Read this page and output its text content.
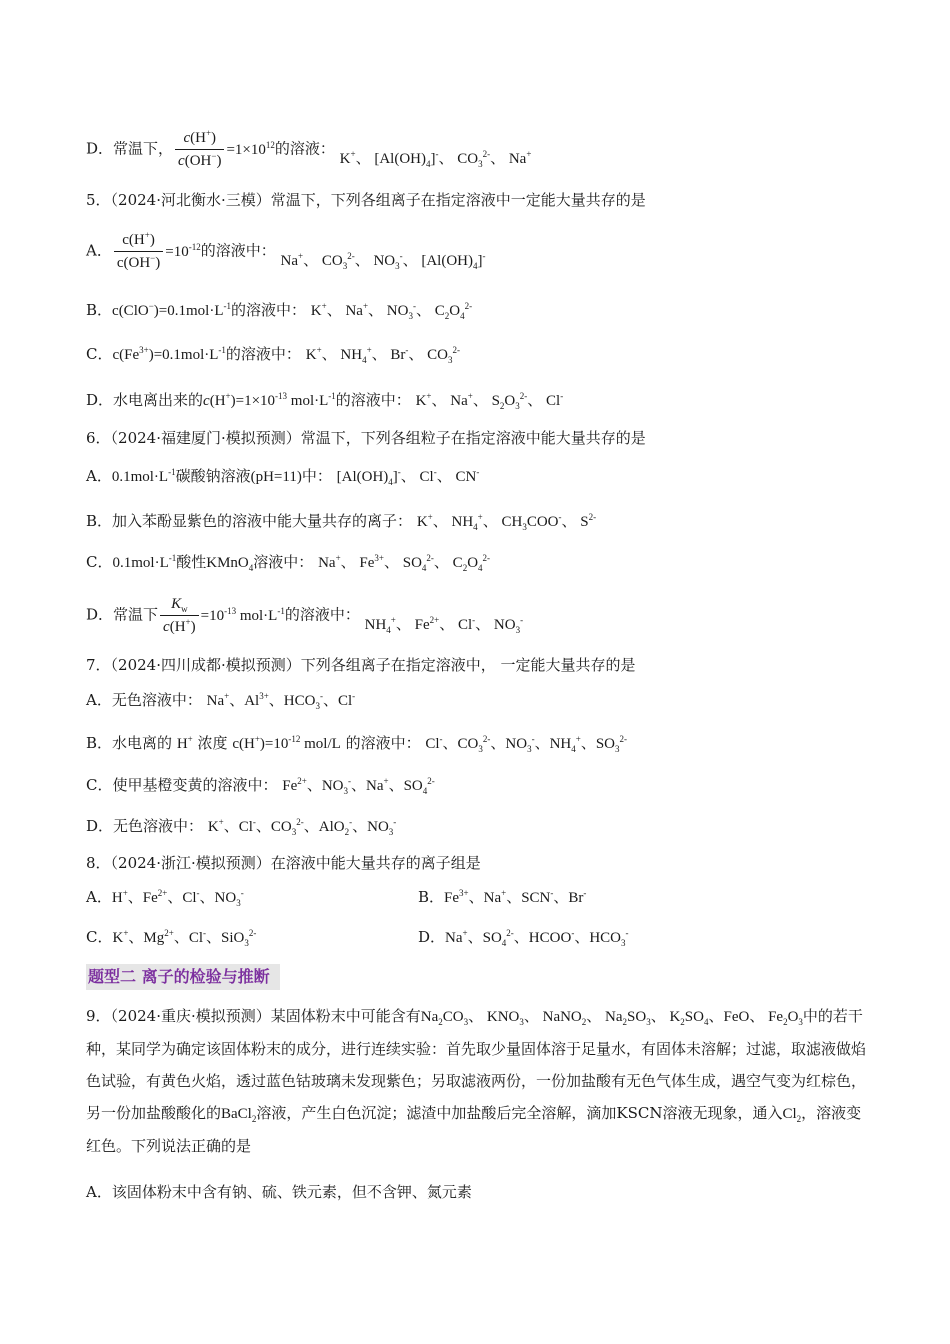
D．常温下， $\frac{c(H^+)}{c(OH^-)} =1\times 10^{12}$的溶液： K+、 $[Al(OH)_4]^-$、 $CO_3^{2-}$、 Na+
5．（2024·河北衡水·三模）常温下，下列各组离子在指定溶液中一定能大量共存的是
A． $\frac{c(H^+)}{c(OH^-)} =10^{-12}$的溶液中： Na+、 $CO_3^{2-}$、 $NO_3^-$、 $[Al(OH)_4]^-$
B．$c(ClO^-)=0.1mol\cdot L^{-1}$的溶液中： K+、 Na+、 $NO_3^-$、 $C_2O_4^{2-}$
C．$c(Fe^{3+})=0.1mol\cdot L^{-1}$的溶液中： K+、 $NH_4^+$、 Br-、 $CO_3^{2-}$
D．水电离出来的$c(H^+)=1\times 10^{-13}$ $mol\cdot L^{-1}$的溶液中： K+、 Na+、 $S_2O_3^{2-}$、 Cl-
6．（2024·福建厦门·模拟预测）常温下，下列各组粒子在指定溶液中能大量共存的是
A．$0.1mol\cdot L^{-1}$碳酸钠溶液(pH=11)中： $[Al(OH)_4]^-$、 Cl-、 CN-
B．加入苯酚显紫色的溶液中能大量共存的离子： K+、 $NH_4^+$、 $CH_3COO^-$、 $S^{2-}$
C．$0.1mol\cdot L^{-1}$酸性KMnO$_4$溶液中： Na+、 $Fe^{3+}$、 $SO_4^{2-}$、 $C_2O_4^{2-}$
D．常温下 $\frac{K_w}{c(H^+)} =10^{-13}$ $mol\cdot L^{-1}$的溶液中： $NH_4^+$、 $Fe^{2+}$、 Cl-、 $NO_3^-$
7．（2024·四川成都·模拟预测）下列各组离子在指定溶液中， 一定能大量共存的是
A．无色溶液中： Na+、$Al^{3+}$、$HCO_3^-$、Cl-
B．水电离的 H+ 浓度 $c(H^+)=10^{-12}$ mol/L 的溶液中： Cl-、$CO_3^{2-}$、$NO_3^-$、$NH_4^+$、$SO_3^{2-}$
C．使甲基橙变黄的溶液中： $Fe^{2+}$、$NO_3^-$、Na+、$SO_4^{2-}$
D．无色溶液中： K+、Cl-、$CO_3^{2-}$、AlO$_2$-、$NO_3^-$
8．（2024·浙江·模拟预测）在溶液中能大量共存的离子组是
A．H+、$Fe^{2+}$、Cl-、$NO_3^-$	B．$Fe^{3+}$、Na+、SCN-、Br-
C．K+、$Mg^{2+}$、Cl-、SiO$_3^{2-}$	D．Na+、$SO_4^{2-}$、HCOO-、$HCO_3^-$
题型二 离子的检验与推断
9．（2024·重庆·模拟预测）某固体粉末中可能含有$Na_2CO_3$、 $KNO_3$、 NaNO$_2$、 $Na_2SO_3$、 $K_2SO_4$、FeO、 $Fe_2O_3$中的若干种，某同学为确定该固体粉末的成分，进行连续实验：首先取少量固体溶于足量水，有固体未溶解；过滤，取滤液做焰色试验，有黄色火焰，透过蓝色钴玻璃未发现紫色；另取滤液两份，一份加盐酸有无色气体生成，遇空气变为红棕色，另一份加盐酸酸化的BaCl$_2$溶液，产生白色沉淀；滤渣中加盐酸后完全溶解，滴加KSCN溶液无现象，通入$Cl_2$，溶液变红色。下列说法正确的是
A．该固体粉末中含有钠、硫、铁元素，但不含钾、氮元素
